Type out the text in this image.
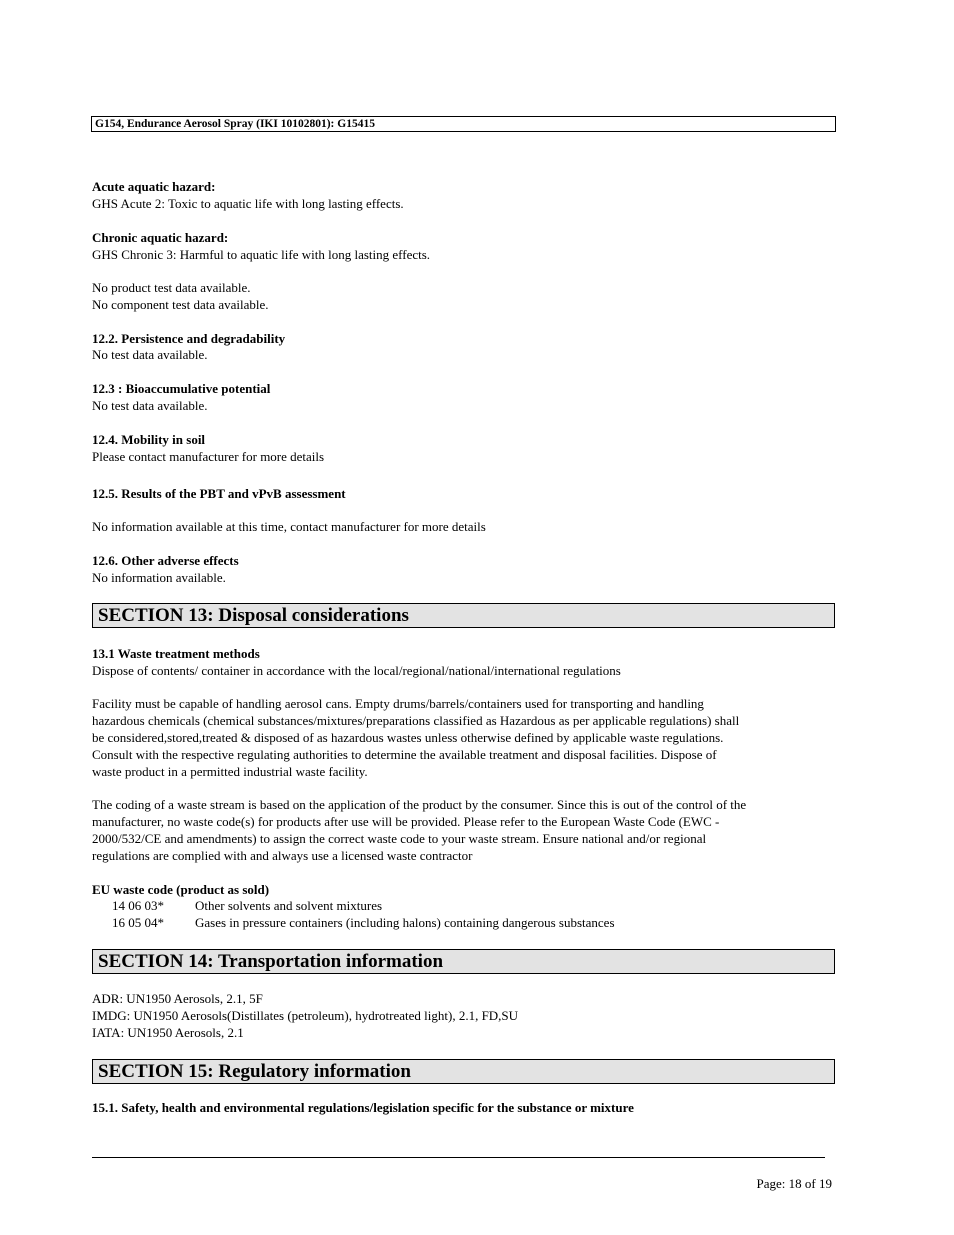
G154, Endurance Aerosol Spray (IKI 10102801): G15415
Acute aquatic hazard:
GHS Acute 2: Toxic to aquatic life with long lasting effects.
Chronic aquatic hazard:
GHS Chronic 3: Harmful to aquatic life with long lasting effects.
No product test data available.
No component test data available.
12.2. Persistence and degradability
No test data available.
12.3 : Bioaccumulative potential
No test data available.
12.4. Mobility in soil
Please contact manufacturer for more details
12.5. Results of the PBT and vPvB assessment
No information available at this time, contact manufacturer for more details
12.6. Other adverse effects
No information available.
SECTION 13: Disposal considerations
13.1 Waste treatment methods
Dispose of contents/ container in accordance with the local/regional/national/international regulations
Facility must be capable of handling aerosol cans. Empty drums/barrels/containers used for transporting and handling
hazardous chemicals (chemical substances/mixtures/preparations classified as Hazardous as per applicable regulations) shall
be considered,stored,treated & disposed of as hazardous wastes unless otherwise defined by applicable waste regulations.
Consult with the respective regulating authorities to determine the available treatment and disposal facilities. Dispose of
waste product in a permitted industrial waste facility.
The coding of a waste stream is based on the application of the product by the consumer. Since this is out of the control of the
manufacturer, no waste code(s) for products after use will be provided. Please refer to the European Waste Code (EWC -
2000/532/CE and amendments) to assign the correct waste code to your waste stream. Ensure national and/or regional
regulations are complied with and always use a licensed waste contractor
EU waste code (product as sold)
14 06 03* Other solvents and solvent mixtures
16 05 04* Gases in pressure containers (including halons) containing dangerous substances
SECTION 14: Transportation information
ADR: UN1950 Aerosols, 2.1, 5F
IMDG: UN1950 Aerosols(Distillates (petroleum), hydrotreated light), 2.1, FD,SU
IATA: UN1950 Aerosols, 2.1
SECTION 15: Regulatory information
15.1. Safety, health and environmental regulations/legislation specific for the substance or mixture
Page: 18 of 19
